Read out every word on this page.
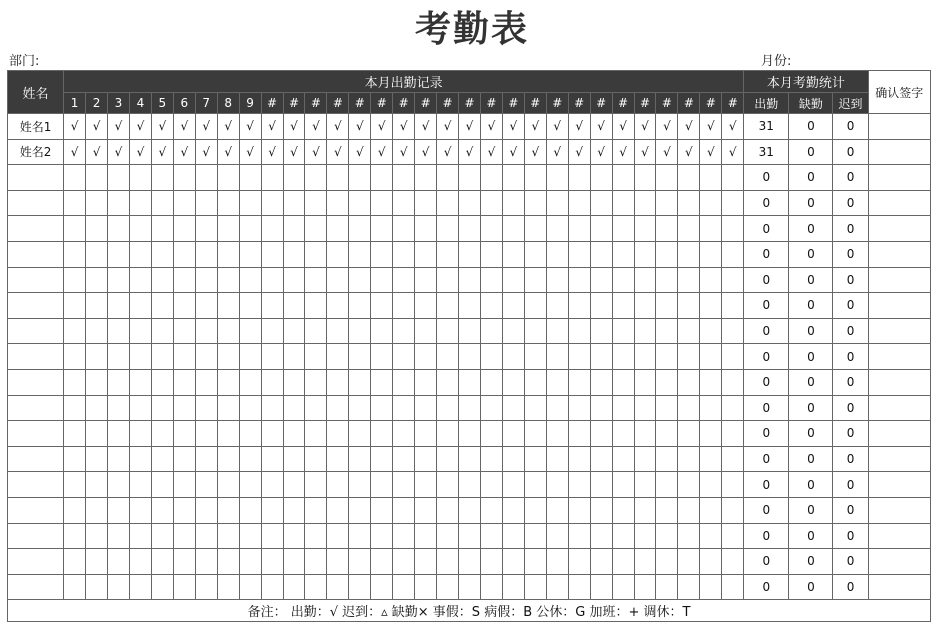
考勤表
部门:	月份:
姓名	本月出勤记录																															本月考勤统计			确认签字
	1	2	3	4	5	6	7	8	9	#	#	#	#	#	#	#	#	#	#	#	#	#	#	#	#	#	#	#	#	#	#	出勤	缺勤	迟到	
姓名1	√	√	√	√	√	√	√	√	√	√	√	√	√	√	√	√	√	√	√	√	√	√	√	√	√	√	√	√	√	√	√	31	0	0	
姓名2	√	√	√	√	√	√	√	√	√	√	√	√	√	√	√	√	√	√	√	√	√	√	√	√	√	√	√	√	√	√	√	31	0	0	
																																0	0	0	
																																0	0	0	
																																0	0	0	
																																0	0	0	
																																0	0	0	
																																0	0	0	
																																0	0	0	
																																0	0	0	
																																0	0	0	
																																0	0	0	
																																0	0	0	
																																0	0	0	
																																0	0	0	
																																0	0	0	
																																0	0	0	
																																0	0	0	
																																0	0	0	
备注： 出勤：√ 迟到：▵ 缺勤× 事假：S 病假：B 公休：G 加班：+ 调休：T																																			
